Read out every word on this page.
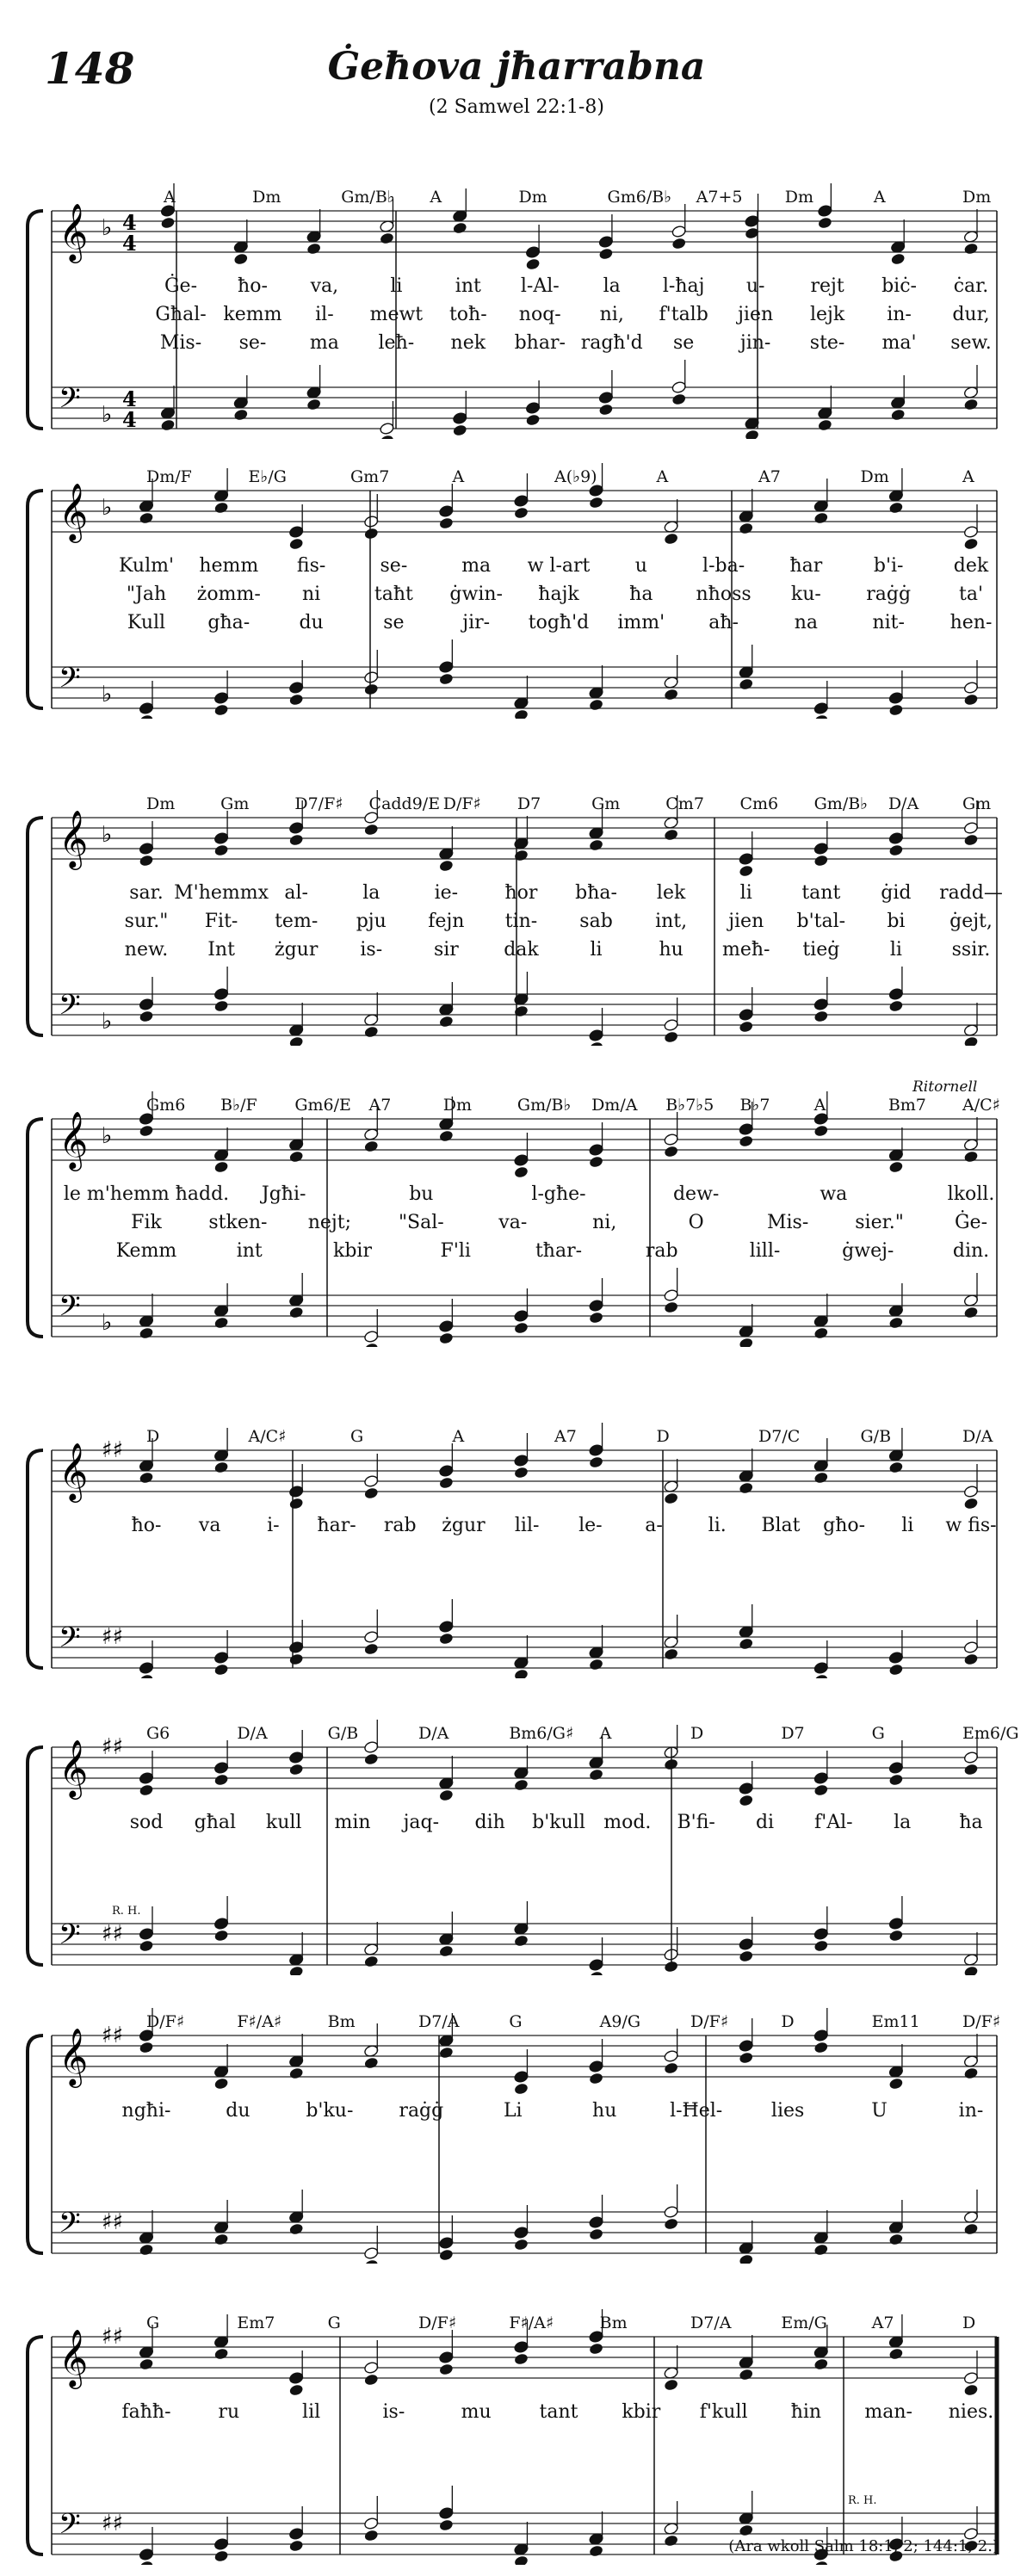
148	Ġeħova jħarrabna
(2 Samwel 22:1-8)
𝄞 ♭ 4
4
𝄢 ♭
4
4
A	Dm	Gm/B♭ A	Dm	Gm6/B♭ A7+5	Dm	A	Dm
Ġe- ħo- va,	li	int l-Al- la l-ħaj u- rejt biċ- ċar.
Għal- kemm il- mewt toħ- noq- ni, f'talb jien lejk in- dur,
Mis- se- ma leħ- nek bhar- ragħ'd se jin- ste- ma' sew.
𝄞 ♭
𝄢 ♭
Dm/F	E♭/G	Gm7	A	A(♭9)	A	A7	Dm	A
Kulm' hemm fis-	se-	ma w l-art u	l-ba- ħar	b'i-	dek
"Jah żomm- ni	taħt ġwin- ħajk	ħa nħoss ku- raġġ	ta'
Kull għa-	du	se	jir- togħ'd imm' aħ-	na	nit- hen-
𝄞 ♭
𝄢 ♭
Dm	Gm	D7/F♯ Cadd9/E D/F♯ D7	Gm	Cm7 Cm6 Gm/B♭ D/A	Gm
sar. M'hemmx al-	la	ie- ħor bħa- lek	li	tant ġid radd—
sur." Fit- tem- pju fejn tin- sab int, jien b'tal- bi ġejt,
new. Int żgur is-	sir dak	li	hu meħ- tieġ	li	ssir.
𝄞 ♭
𝄢 ♭
Gm6 B♭/F Gm6/E A7	Dm	Gm/B♭ Dm/A B♭7♭5 B♭7	A	Bm7 A/C♯
le m'hemm ħadd. Jgħi-	bu	l-għe-	dew-	wa	lkoll.
Fik stken- nejt; "Sal-	va-	ni,	O	Mis- sier."	Ġe-
Kemm	int	kbir	F'li	tħar-	rab	lill-	ġwej-	din.
Ritornell
𝄞 ♯♯
𝄢 ♯♯
D	A/C♯	G	A	A7	D	D7/C	G/B	D/A
ħo- va i- ħar- rab żgur lil- le- a- li. Blat għo- li w fis-
𝄞 ♯♯
𝄢 ♯♯
G6	D/A	G/B	D/A	Bm6/G♯ A	D	D7	G	Em6/G
sod għal kull min jaq- dih b'kull mod. B'fi- di f'Al- la	ħa
R. H.
𝄞 ♯♯
𝄢 ♯♯
D/F♯	F♯/A♯	Bm	D7/A	G	A9/G	D/F♯	D	Em11	D/F♯
ngħi-	du	b'ku- raġġ	Li	hu	l-Ħel-	lies	U	in-
𝄞 ♯♯
𝄢 ♯♯
G	Em7	G	D/F♯	F♯/A♯	Bm	D7/A	Em/G	A7	D
faħħ- ru	lil	is-	mu	tant kbir f'kull ħin man- nies.
R. H.
(Ara wkoll Salm 18:1, 2; 144:1, 2.)
